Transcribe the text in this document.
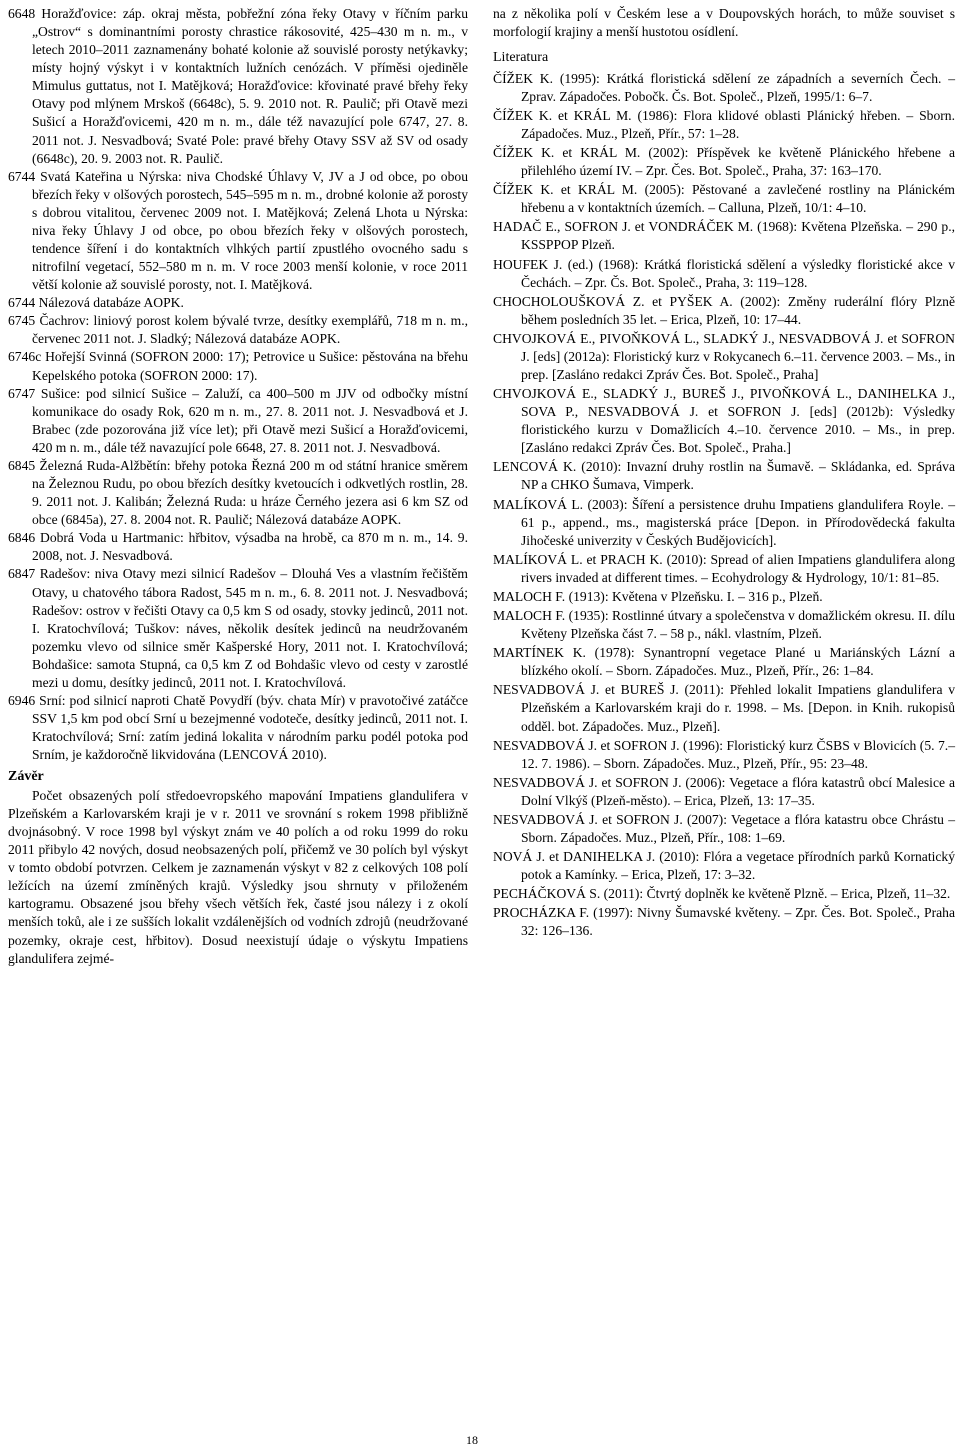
6648 Horažďovice: záp. okraj města, pobřežní zóna řeky Otavy v říčním parku „Ostrov“ s dominantními porosty chrastice rákosovité, 425–430 m n. m., v letech 2010–2011 zaznamenány bohaté kolonie až souvislé porosty netýkavky; místy hojný výskyt i v kontaktních lužních cenózách. V příměsi ojediněle Mimulus guttatus, not I. Matějková; Horažďovice: křovinaté pravé břehy řeky Otavy pod mlýnem Mrskoš (6648c), 5. 9. 2010 not. R. Paulič; při Otavě mezi Sušicí a Horažďovicemi, 420 m n. m., dále též navazující pole 6747, 27. 8. 2011 not. J. Nesvadbová; Svaté Pole: pravé břehy Otavy SSV až SV od osady (6648c), 20. 9. 2003 not. R. Paulič.

6744 Svatá Kateřina u Nýrska: niva Chodské Úhlavy V, JV a J od obce, po obou březích řeky v olšových porostech, 545–595 m n. m., drobné kolonie až porosty s dobrou vitalitou, červenec 2009 not. I. Matějková; Zelená Lhota u Nýrska: niva řeky Úhlavy J od obce, po obou březích řeky v olšových porostech, tendence šíření i do kontaktních vlhkých partií zpustlého ovocného sadu s nitrofilní vegetací, 552–580 m n. m. V roce 2003 menší kolonie, v roce 2011 větší kolonie až souvislé porosty, not. I. Matějková.

6744 Nálezová databáze AOPK.

6745 Čachrov: liniový porost kolem bývalé tvrze, desítky exemplářů, 718 m n. m., červenec 2011 not. J. Sladký; Nálezová databáze AOPK.

6746c Hořejší Svinná (SOFRON 2000: 17); Petrovice u Sušice: pěstována na břehu Kepelského potoka (SOFRON 2000: 17).

6747 Sušice: pod silnicí Sušice – Zaluží, ca 400–500 m JJV od odbočky místní komunikace do osady Rok, 620 m n. m., 27. 8. 2011 not. J. Nesvadbová et J. Brabec (zde pozorována již více let); při Otavě mezi Sušicí a Horažďovicemi, 420 m n. m., dále též navazující pole 6648, 27. 8. 2011 not. J. Nesvadbová.

6845 Železná Ruda-Alžbětín: břehy potoka Řezná 200 m od státní hranice směrem na Železnou Rudu, po obou březích desítky kvetoucích i odkvetlých rostlin, 28. 9. 2011 not. J. Kalibán; Železná Ruda: u hráze Černého jezera asi 6 km SZ od obce (6845a), 27. 8. 2004 not. R. Paulič; Nálezová databáze AOPK.

6846 Dobrá Voda u Hartmanic: hřbitov, výsadba na hrobě, ca 870 m n. m., 14. 9. 2008, not. J. Nesvadbová.

6847 Radešov: niva Otavy mezi silnicí Radešov – Dlouhá Ves a vlastním řečištěm Otavy, u chatového tábora Radost, 545 m n. m., 6. 8. 2011 not. J. Nesvadbová; Radešov: ostrov v řečišti Otavy ca 0,5 km S od osady, stovky jedinců, 2011 not. I. Kratochvílová; Tuškov: náves, několik desítek jedinců na neudržovaném pozemku vlevo od silnice směr Kašperské Hory, 2011 not. I. Kratochvílová; Bohdašice: samota Stupná, ca 0,5 km Z od Bohdašic vlevo od cesty v zarostlé mezi u domu, desítky jedinců, 2011 not. I. Kratochvílová.

6946 Srní: pod silnicí naproti Chatě Povydří (býv. chata Mír) v pravotočivé zatáčce SSV 1,5 km pod obcí Srní u bezejmenné vodoteče, desítky jedinců, 2011 not. I. Kratochvílová; Srní: zatím jediná lokalita v národním parku podél potoka pod Srním, je každoročně likvidována (LENCOVÁ 2010).

Závěr

Počet obsazených polí středoevropského mapování Impatiens glandulifera v Plzeňském a Karlovarském kraji je v r. 2011 ve srovnání s rokem 1998 přibližně dvojnásobný. V roce 1998 byl výskyt znám ve 40 polích a od roku 1999 do roku 2011 přibylo 42 nových, dosud neobsazených polí, přičemž ve 30 polích byl výskyt v tomto období potvrzen. Celkem je zaznamenán výskyt v 82 z celkových 108 polí ležících na území zmíněných krajů. Výsledky jsou shrnuty v přiloženém kartogramu. Obsazené jsou břehy všech větších řek, časté jsou nálezy i z okolí menších toků, ale i ze sušších lokalit vzdálenějších od vodních zdrojů (neudržované pozemky, okraje cest, hřbitov). Dosud neexistují údaje o výskytu Impatiens glandulifera zejmé-

na z několika polí v Českém lese a v Doupovských horách, to může souviset s morfologií krajiny a menší hustotou osídlení.

Literatura

ČÍŽEK K. (1995): Krátká floristická sdělení ze západních a severních Čech. – Zprav. Západočes. Pobočk. Čs. Bot. Společ., Plzeň, 1995/1: 6–7.

ČÍŽEK K. et KRÁL M. (1986): Flora klidové oblasti Plánický hřeben. – Sborn. Západočes. Muz., Plzeň, Přír., 57: 1–28.

ČÍŽEK K. et KRÁL M. (2002): Příspěvek ke květeně Plánického hřebene a přilehlého území IV. – Zpr. Čes. Bot. Společ., Praha, 37: 163–170.

ČÍŽEK K. et KRÁL M. (2005): Pěstované a zavlečené rostliny na Plánickém hřebenu a v kontaktních územích. – Calluna, Plzeň, 10/1: 4–10.

HADAČ E., SOFRON J. et VONDRÁČEK M. (1968): Květena Plzeňska. – 290 p., KSSPPOP Plzeň.

HOUFEK J. (ed.) (1968): Krátká floristická sdělení a výsledky floristické akce v Čechách. – Zpr. Čs. Bot. Společ., Praha, 3: 119–128.

CHOCHOLOUŠKOVÁ Z. et PYŠEK A. (2002): Změny ruderální flóry Plzně během posledních 35 let. – Erica, Plzeň, 10: 17–44.

CHVOJKOVÁ E., PIVOŇKOVÁ L., SLADKÝ J., NESVADBOVÁ J. et SOFRON J. [eds] (2012a): Floristický kurz v Rokycanech 6.–11. července 2003. – Ms., in prep. [Zasláno redakci Zpráv Čes. Bot. Společ., Praha]

CHVOJKOVÁ E., SLADKÝ J., BUREŠ J., PIVOŇKOVÁ L., DANIHELKA J., SOVA P., NESVADBOVÁ J. et SOFRON J. [eds] (2012b): Výsledky floristického kurzu v Domažlicích 4.–10. července 2010. – Ms., in prep. [Zasláno redakci Zpráv Čes. Bot. Společ., Praha.]

LENCOVÁ K. (2010): Invazní druhy rostlin na Šumavě. – Skládanka, ed. Správa NP a CHKO Šumava, Vimperk.

MALÍKOVÁ L. (2003): Šíření a persistence druhu Impatiens glandulifera Royle. – 61 p., append., ms., magisterská práce [Depon. in Přírodovědecká fakulta Jihočeské univerzity v Českých Budějovicích].

MALÍKOVÁ L. et PRACH K. (2010): Spread of alien Impatiens glandulifera along rivers invaded at different times. – Ecohydrology & Hydrology, 10/1: 81–85.

MALOCH F. (1913): Květena v Plzeňsku. I. – 316 p., Plzeň.

MALOCH F. (1935): Rostlinné útvary a společenstva v domažlickém okresu. II. dílu Květeny Plzeňska část 7. – 58 p., nákl. vlastním, Plzeň.

MARTÍNEK K. (1978): Synantropní vegetace Plané u Mariánských Lázní a blízkého okolí. – Sborn. Západočes. Muz., Plzeň, Přír., 26: 1–84.

NESVADBOVÁ J. et BUREŠ J. (2011): Přehled lokalit Impatiens glandulifera v Plzeňském a Karlovarském kraji do r. 1998. – Ms. [Depon. in Knih. rukopisů odděl. bot. Západočes. Muz., Plzeň].

NESVADBOVÁ J. et SOFRON J. (1996): Floristický kurz ČSBS v Blovicích (5. 7.–12. 7. 1986). – Sborn. Západočes. Muz., Plzeň, Přír., 95: 23–48.

NESVADBOVÁ J. et SOFRON J. (2006): Vegetace a flóra katastrů obcí Malesice a Dolní Vlkýš (Plzeň-město). – Erica, Plzeň, 13: 17–35.

NESVADBOVÁ J. et SOFRON J. (2007): Vegetace a flóra katastru obce Chrástu – Sborn. Západočes. Muz., Plzeň, Přír., 108: 1–69.

NOVÁ J. et DANIHELKA J. (2010): Flóra a vegetace přírodních parků Kornatický potok a Kamínky. – Erica, Plzeň, 17: 3–32.

PECHÁČKOVÁ S. (2011): Čtvrtý doplněk ke květeně Plzně. – Erica, Plzeň, 11–32.

PROCHÁZKA F. (1997): Nivny Šumavské květeny. – Zpr. Čes. Bot. Společ., Praha 32: 126–136.

18
